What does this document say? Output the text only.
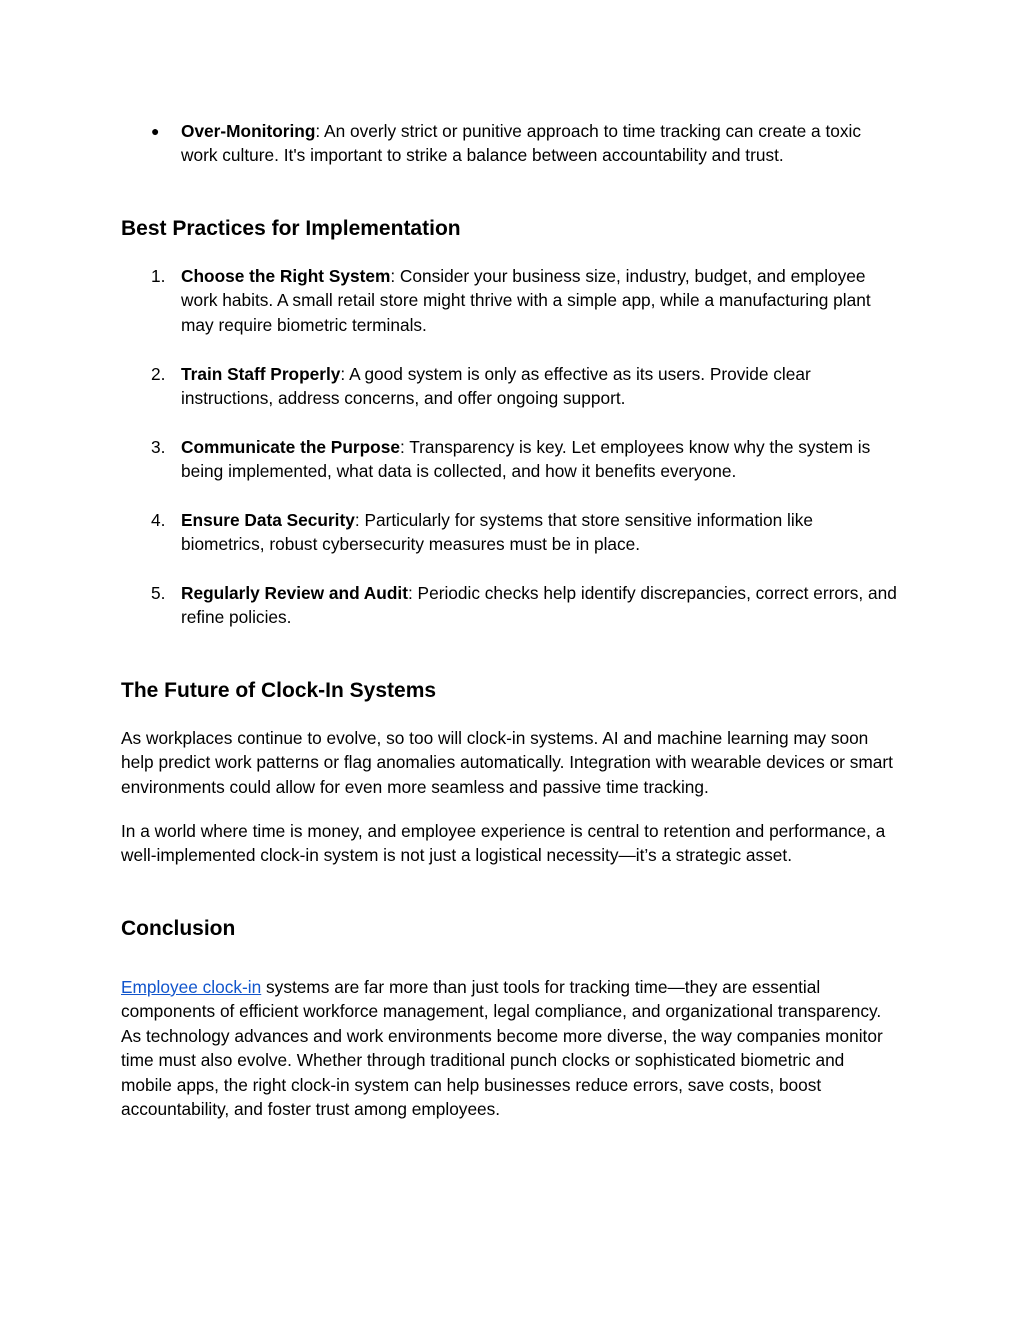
● Over-Monitoring: An overly strict or punitive approach to time tracking can create a toxic work culture. It's important to strike a balance between accountability and trust.
Best Practices for Implementation
1. Choose the Right System: Consider your business size, industry, budget, and employee work habits. A small retail store might thrive with a simple app, while a manufacturing plant may require biometric terminals.
2. Train Staff Properly: A good system is only as effective as its users. Provide clear instructions, address concerns, and offer ongoing support.
3. Communicate the Purpose: Transparency is key. Let employees know why the system is being implemented, what data is collected, and how it benefits everyone.
4. Ensure Data Security: Particularly for systems that store sensitive information like biometrics, robust cybersecurity measures must be in place.
5. Regularly Review and Audit: Periodic checks help identify discrepancies, correct errors, and refine policies.
The Future of Clock-In Systems

As workplaces continue to evolve, so too will clock-in systems. AI and machine learning may soon help predict work patterns or flag anomalies automatically. Integration with wearable devices or smart environments could allow for even more seamless and passive time tracking.

In a world where time is money, and employee experience is central to retention and performance, a well-implemented clock-in system is not just a logistical necessity—it’s a strategic asset.

Conclusion

Employee clock-in systems are far more than just tools for tracking time—they are essential components of efficient workforce management, legal compliance, and organizational transparency. As technology advances and work environments become more diverse, the way companies monitor time must also evolve. Whether through traditional punch clocks or sophisticated biometric and mobile apps, the right clock-in system can help businesses reduce errors, save costs, boost accountability, and foster trust among employees.
